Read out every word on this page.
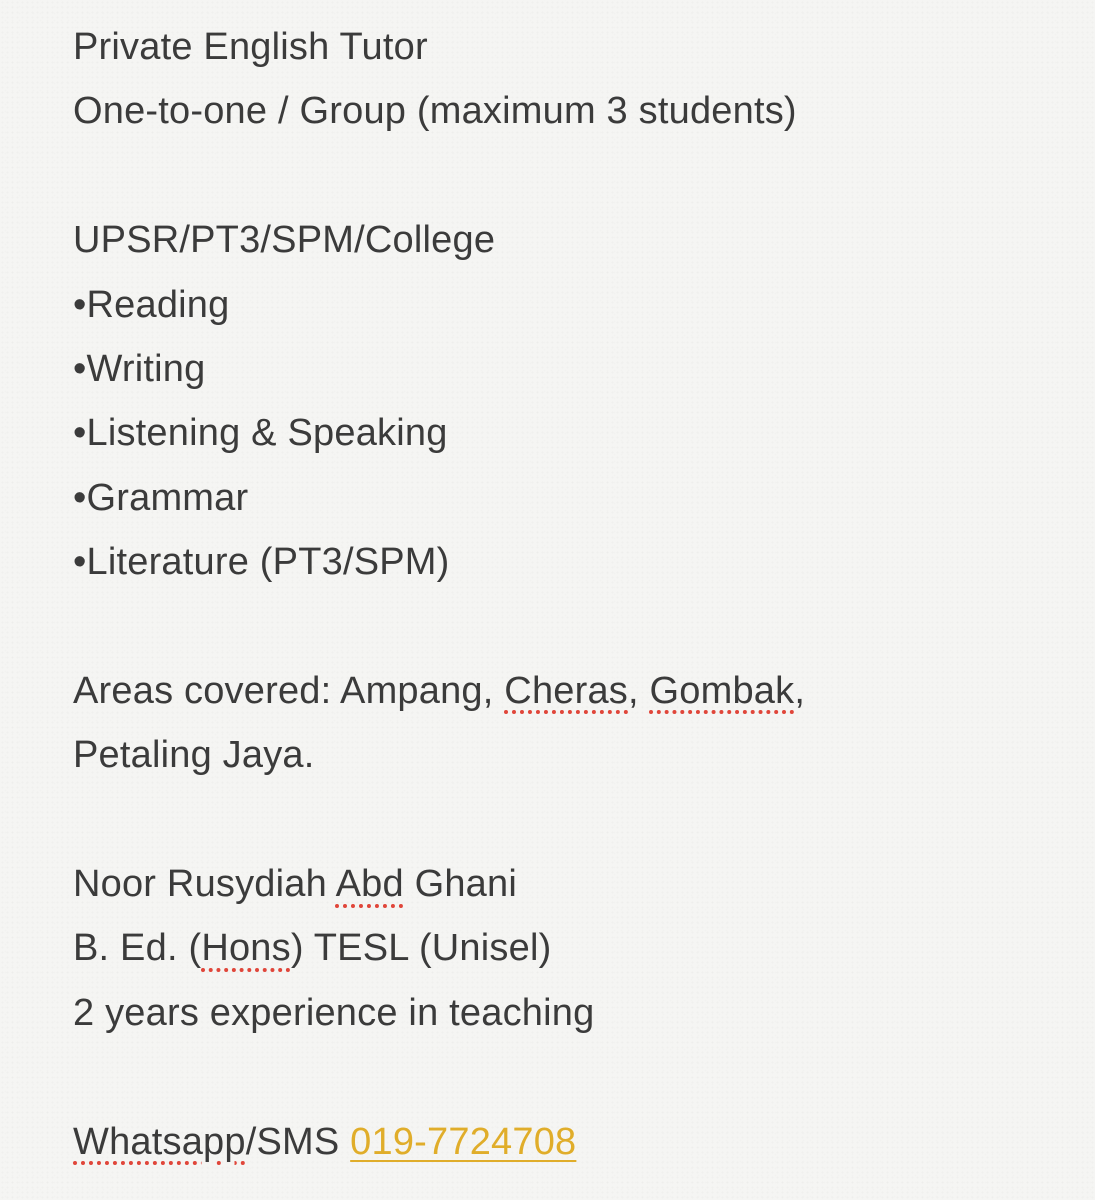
Private English Tutor
One-to-one / Group (maximum 3 students)
UPSR/PT3/SPM/College
•Reading
•Writing
•Listening & Speaking
•Grammar
•Literature (PT3/SPM)
Areas covered: Ampang, Cheras, Gombak,
Petaling Jaya.
Noor Rusydiah Abd Ghani
B. Ed. (Hons) TESL (Unisel)
2 years experience in teaching
Whatsapp/SMS 019-7724708
